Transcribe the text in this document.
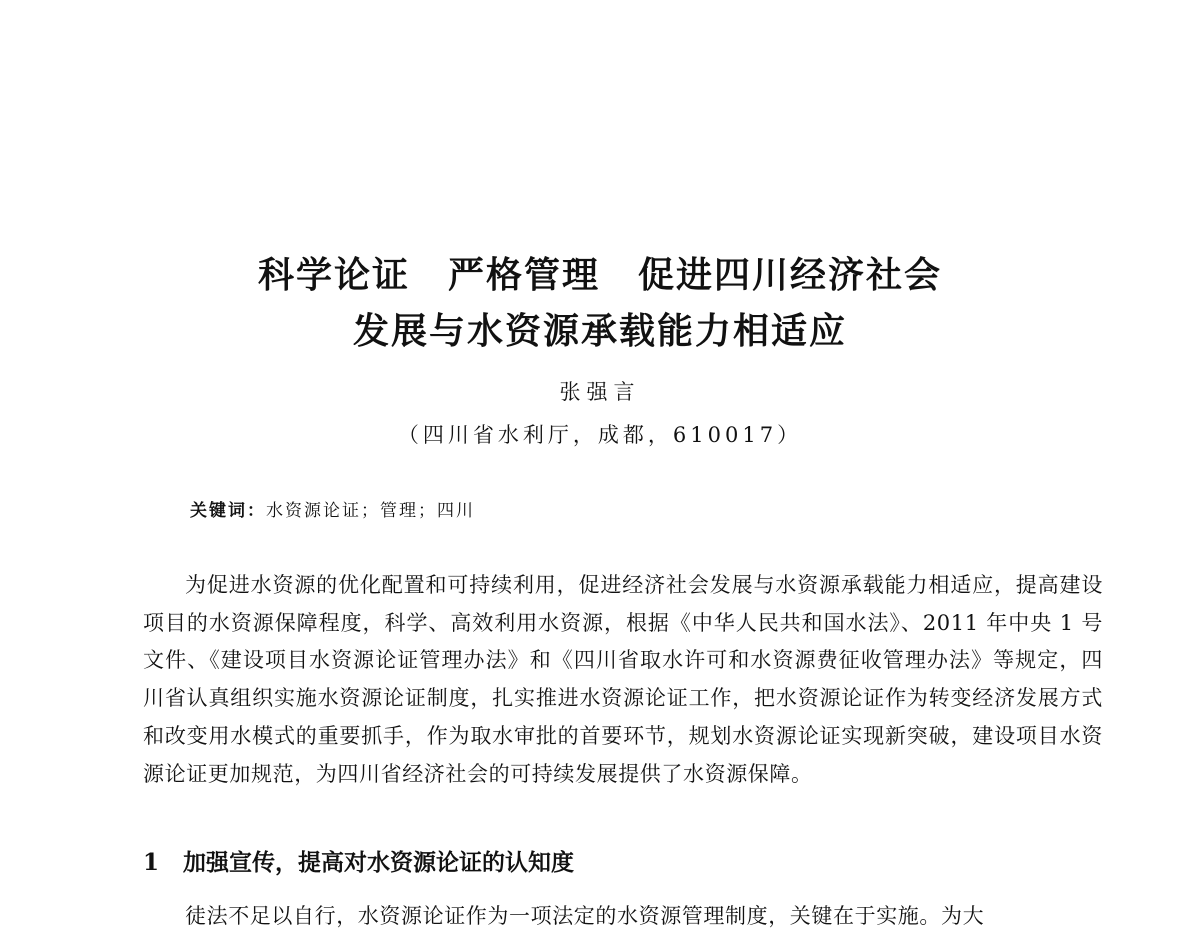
科学论证　严格管理　促进四川经济社会
发展与水资源承载能力相适应
张强言
（四川省水利厅，成都，610017）
关键词：水资源论证；管理；四川

为促进水资源的优化配置和可持续利用，促进经济社会发展与水资源承载能力相适应，提高建设项目的水资源保障程度，科学、高效利用水资源，根据《中华人民共和国水法》、2011 年中央 1 号文件、《建设项目水资源论证管理办法》和《四川省取水许可和水资源费征收管理办法》等规定，四川省认真组织实施水资源论证制度，扎实推进水资源论证工作，把水资源论证作为转变经济发展方式和改变用水模式的重要抓手，作为取水审批的首要环节，规划水资源论证实现新突破，建设项目水资源论证更加规范，为四川省经济社会的可持续发展提供了水资源保障。

1 加强宣传，提高对水资源论证的认知度

徒法不足以自行，水资源论证作为一项法定的水资源管理制度，关键在于实施。为大
